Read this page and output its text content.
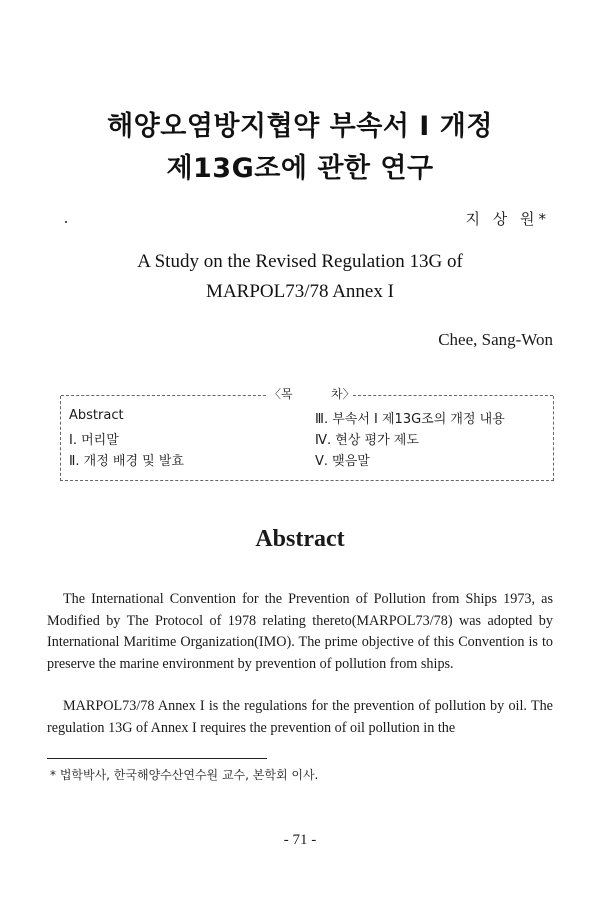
해양오염방지협약 부속서 I 개정
제13G조에 관한 연구
지 상 원*
A Study on the Revised Regulation 13G of
MARPOL73/78 Annex I
Chee, Sang-Won
〈목	차〉
Abstract
Ⅰ. 머리말
Ⅱ. 개정 배경 및 발효
Ⅲ. 부속서 I 제13G조의 개정 내용
Ⅳ. 현상 평가 제도
Ⅴ. 맺음말
Abstract

The International Convention for the Prevention of Pollution from Ships 1973, as Modified by The Protocol of 1978 relating thereto(MARPOL73/78) was adopted by International Maritime Organization(IMO). The prime objective of this Convention is to preserve the marine environment by prevention of pollution from ships.

MARPOL73/78 Annex I is the regulations for the prevention of pollution by oil. The regulation 13G of Annex I requires the prevention of oil pollution in the

* 법학박사, 한국해양수산연수원 교수, 본학회 이사.
- 71 -
